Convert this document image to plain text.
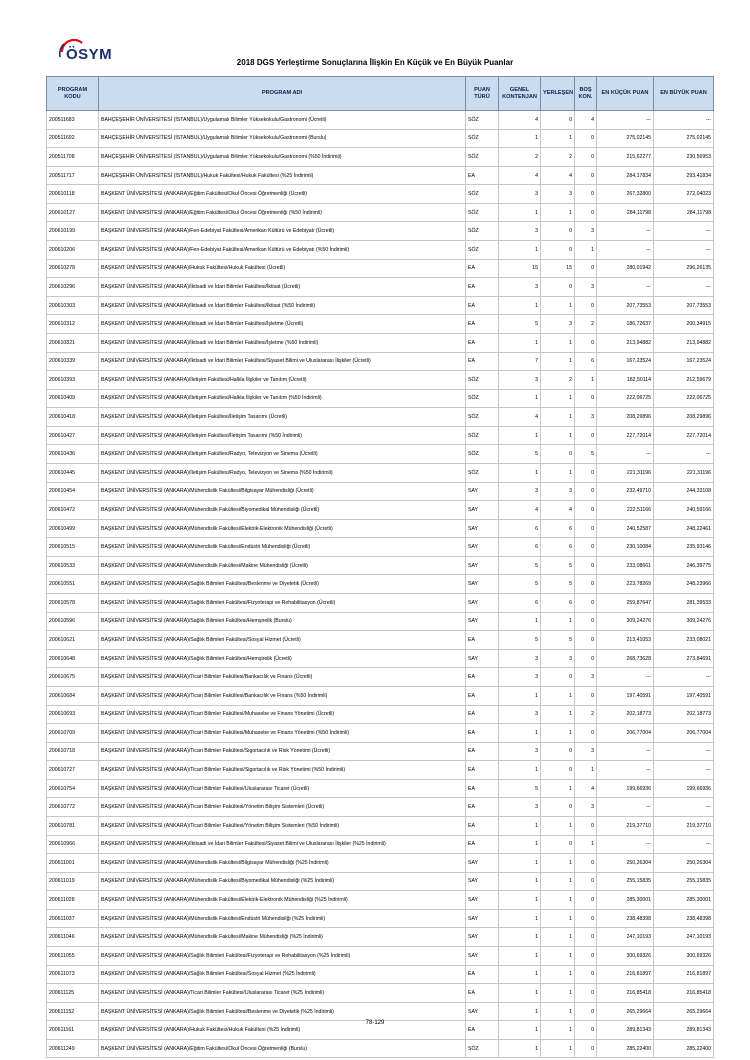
ÖSYM	2018 DGS Yerleştirme Sonuçlarına İlişkin En Küçük ve En Büyük Puanlar
PROGRAM KODU	PROGRAM ADI	PUAN TÜRÜ	GENEL KONTENJAN	YERLEŞEN	BOŞ KON.	EN KÜÇÜK PUAN	EN BÜYÜK PUAN
200511683	BAHÇEŞEHİR ÜNİVERSİTESİ (İSTANBUL)/Uygulamalı Bilimler Yüksekokulu/Gastronomi (Ücretli)	SÖZ	4	0	4	---	---
200511692	BAHÇEŞEHİR ÜNİVERSİTESİ (İSTANBUL)/Uygulamalı Bilimler Yüksekokulu/Gastronomi (Burslu)	SÖZ	1	1	0	275,02145	275,02145
200511708	BAHÇEŞEHİR ÜNİVERSİTESİ (İSTANBUL)/Uygulamalı Bilimler Yüksekokulu/Gastronomi (%50 İndirimli)	SÖZ	2	2	0	215,62277	230,56953
200511717	BAHÇEŞEHİR ÜNİVERSİTESİ (İSTANBUL)/Hukuk Fakültesi/Hukuk Fakültesi (%25 İndirimli)	EA	4	4	0	284,17834	293,41834
200610118	BAŞKENT ÜNİVERSİTESİ (ANKARA)/Eğitim Fakültesi/Okul Öncesi Öğretmenliği (Ücretli)	SÖZ	3	3	0	267,32800	272,04023
200610127	BAŞKENT ÜNİVERSİTESİ (ANKARA)/Eğitim Fakültesi/Okul Öncesi Öğretmenliği (%50 İndirimli)	SÖZ	1	1	0	284,11798	284,11798
200610199	BAŞKENT ÜNİVERSİTESİ (ANKARA)/Fen-Edebiyat Fakültesi/Amerikan Kültürü ve Edebiyatı (Ücretli)	SÖZ	3	0	3	---	---
200610206	BAŞKENT ÜNİVERSİTESİ (ANKARA)/Fen-Edebiyat Fakültesi/Amerikan Kültürü ve Edebiyatı (%50 İndirimli)	SÖZ	1	0	1	---	---
200610278	BAŞKENT ÜNİVERSİTESİ (ANKARA)/Hukuk Fakültesi/Hukuk Fakültesi (Ücretli)	EA	15	15	0	280,01942	296,26135
200610296	BAŞKENT ÜNİVERSİTESİ (ANKARA)/İktisadi ve İdari Bilimler Fakültesi/İktisat (Ücretli)	EA	3	0	3	---	---
200610303	BAŞKENT ÜNİVERSİTESİ (ANKARA)/İktisadi ve İdari Bilimler Fakültesi/İktisat (%50 İndirimli)	EA	1	1	0	207,73553	207,73553
200610312	BAŞKENT ÜNİVERSİTESİ (ANKARA)/İktisadi ve İdari Bilimler Fakültesi/İşletme (Ücretli)	EA	5	3	2	186,72637	200,34915
200610321	BAŞKENT ÜNİVERSİTESİ (ANKARA)/İktisadi ve İdari Bilimler Fakültesi/İşletme (%50 İndirimli)	EA	1	1	0	213,94882	213,94882
200610339	BAŞKENT ÜNİVERSİTESİ (ANKARA)/İktisadi ve İdari Bilimler Fakültesi/Siyaset Bilimi ve Uluslararası İlişkiler (Ücretli)	EA	7	1	6	167,23524	167,23524
200610393	BAŞKENT ÜNİVERSİTESİ (ANKARA)/İletişim Fakültesi/Halkla İlişkiler ve Tanıtım (Ücretli)	SÖZ	3	2	1	182,50114	212,59679
200610409	BAŞKENT ÜNİVERSİTESİ (ANKARA)/İletişim Fakültesi/Halkla İlişkiler ve Tanıtım (%50 İndirimli)	SÖZ	1	1	0	222,06725	222,06725
200610418	BAŞKENT ÜNİVERSİTESİ (ANKARA)/İletişim Fakültesi/İletişim Tasarımı (Ücretli)	SÖZ	4	1	3	208,29896	208,29896
200610427	BAŞKENT ÜNİVERSİTESİ (ANKARA)/İletişim Fakültesi/İletişim Tasarımı (%50 İndirimli)	SÖZ	1	1	0	227,72014	227,72014
200610436	BAŞKENT ÜNİVERSİTESİ (ANKARA)/İletişim Fakültesi/Radyo, Televizyon ve Sinema (Ücretli)	SÖZ	5	0	5	---	---
200610445	BAŞKENT ÜNİVERSİTESİ (ANKARA)/İletişim Fakültesi/Radyo, Televizyon ve Sinema (%50 İndirimli)	SÖZ	1	1	0	221,31196	221,31196
200610454	BAŞKENT ÜNİVERSİTESİ (ANKARA)/Mühendislik Fakültesi/Bilgisayar Mühendisliği (Ücretli)	SAY	3	3	0	232,49710	244,33108
200610472	BAŞKENT ÜNİVERSİTESİ (ANKARA)/Mühendislik Fakültesi/Biyomedikal Mühendisliği (Ücretli)	SAY	4	4	0	222,51166	240,59166
200610499	BAŞKENT ÜNİVERSİTESİ (ANKARA)/Mühendislik Fakültesi/Elektrik-Elektronik Mühendisliği (Ücretli)	SAY	6	6	0	240,52587	248,22461
200610515	BAŞKENT ÜNİVERSİTESİ (ANKARA)/Mühendislik Fakültesi/Endüstri Mühendisliği (Ücretli)	SAY	6	6	0	230,10084	235,93146
200610533	BAŞKENT ÜNİVERSİTESİ (ANKARA)/Mühendislik Fakültesi/Makine Mühendisliği (Ücretli)	SAY	5	5	0	233,08661	246,39775
200610551	BAŞKENT ÜNİVERSİTESİ (ANKARA)/Sağlık Bilimleri Fakültesi/Beslenme ve Diyetetik (Ücretli)	SAY	5	5	0	223,78269	248,23966
200610578	BAŞKENT ÜNİVERSİTESİ (ANKARA)/Sağlık Bilimleri Fakültesi/Fizyoterapi ve Rehabilitasyon (Ücretli)	SAY	6	6	0	259,87647	281,39533
200610596	BAŞKENT ÜNİVERSİTESİ (ANKARA)/Sağlık Bilimleri Fakültesi/Hemşirelik (Burslu)	SAY	1	1	0	309,24276	309,24276
200610621	BAŞKENT ÜNİVERSİTESİ (ANKARA)/Sağlık Bilimleri Fakültesi/Sosyal Hizmet (Ücretli)	EA	5	5	0	213,41053	233,08021
200610648	BAŞKENT ÜNİVERSİTESİ (ANKARA)/Sağlık Bilimleri Fakültesi/Hemşirelik (Ücretli)	SAY	3	3	0	268,73628	273,84691
200610675	BAŞKENT ÜNİVERSİTESİ (ANKARA)/Ticari Bilimler Fakültesi/Bankacılık ve Finans (Ücretli)	EA	3	0	3	---	---
200610684	BAŞKENT ÜNİVERSİTESİ (ANKARA)/Ticari Bilimler Fakültesi/Bankacılık ve Finans (%50 İndirimli)	EA	1	1	0	197,40591	197,40591
200610693	BAŞKENT ÜNİVERSİTESİ (ANKARA)/Ticari Bilimler Fakültesi/Muhasebe ve Finans Yönetimi (Ücretli)	EA	3	1	2	202,18773	202,18773
200610709	BAŞKENT ÜNİVERSİTESİ (ANKARA)/Ticari Bilimler Fakültesi/Muhasebe ve Finans Yönetimi (%50 İndirimli)	EA	1	1	0	206,77004	206,77004
200610718	BAŞKENT ÜNİVERSİTESİ (ANKARA)/Ticari Bilimler Fakültesi/Sigortacılık ve Risk Yönetimi (Ücretli)	EA	3	0	3	---	---
200610727	BAŞKENT ÜNİVERSİTESİ (ANKARA)/Ticari Bilimler Fakültesi/Sigortacılık ve Risk Yönetimi (%50 İndirimli)	EA	1	0	1	---	---
200610754	BAŞKENT ÜNİVERSİTESİ (ANKARA)/Ticari Bilimler Fakültesi/Uluslararası Ticaret (Ücretli)	EA	5	1	4	199,66936	199,66936
200610772	BAŞKENT ÜNİVERSİTESİ (ANKARA)/Ticari Bilimler Fakültesi/Yönetim Bilişim Sistemleri (Ücretli)	EA	3	0	3	---	---
200610781	BAŞKENT ÜNİVERSİTESİ (ANKARA)/Ticari Bilimler Fakültesi/Yönetim Bilişim Sistemleri (%50 İndirimli)	EA	1	1	0	219,37710	219,37710
200610966	BAŞKENT ÜNİVERSİTESİ (ANKARA)/İktisadi ve İdari Bilimler Fakültesi/Siyaset Bilimi ve Uluslararası İlişkiler (%25 İndirimli)	EA	1	0	1	---	---
200611001	BAŞKENT ÜNİVERSİTESİ (ANKARA)/Mühendislik Fakültesi/Bilgisayar Mühendisliği (%25 İndirimli)	SAY	1	1	0	250,26304	250,26304
200611019	BAŞKENT ÜNİVERSİTESİ (ANKARA)/Mühendislik Fakültesi/Biyomedikal Mühendisliği (%25 İndirimli)	SAY	1	1	0	255,15835	255,15835
200611028	BAŞKENT ÜNİVERSİTESİ (ANKARA)/Mühendislik Fakültesi/Elektrik-Elektronik Mühendisliği (%25 İndirimli)	SAY	1	1	0	285,30001	285,30001
200611037	BAŞKENT ÜNİVERSİTESİ (ANKARA)/Mühendislik Fakültesi/Endüstri Mühendisliği (%25 İndirimli)	SAY	1	1	0	238,48398	238,48398
200611046	BAŞKENT ÜNİVERSİTESİ (ANKARA)/Mühendislik Fakültesi/Makine Mühendisliği (%25 İndirimli)	SAY	1	1	0	247,10193	247,10193
200611055	BAŞKENT ÜNİVERSİTESİ (ANKARA)/Sağlık Bilimleri Fakültesi/Fizyoterapi ve Rehabilitasyon (%25 İndirimli)	SAY	1	1	0	300,69326	300,69326
200611073	BAŞKENT ÜNİVERSİTESİ (ANKARA)/Sağlık Bilimleri Fakültesi/Sosyal Hizmet (%25 İndirimli)	EA	1	1	0	216,81897	216,81897
200611125	BAŞKENT ÜNİVERSİTESİ (ANKARA)/Ticari Bilimler Fakültesi/Uluslararası Ticaret (%25 İndirimli)	EA	1	1	0	216,85418	216,85418
200611152	BAŞKENT ÜNİVERSİTESİ (ANKARA)/Sağlık Bilimleri Fakültesi/Beslenme ve Diyetetik (%25 İndirimli)	SAY	1	1	0	265,29664	265,29664
200611161	BAŞKENT ÜNİVERSİTESİ (ANKARA)/Hukuk Fakültesi/Hukuk Fakültesi (%25 İndirimli)	EA	1	1	0	289,81343	289,81343
200611249	BAŞKENT ÜNİVERSİTESİ (ANKARA)/Eğitim Fakültesi/Okul Öncesi Öğretmenliği (Burslu)	SÖZ	1	1	0	285,22400	285,22400
78-129
